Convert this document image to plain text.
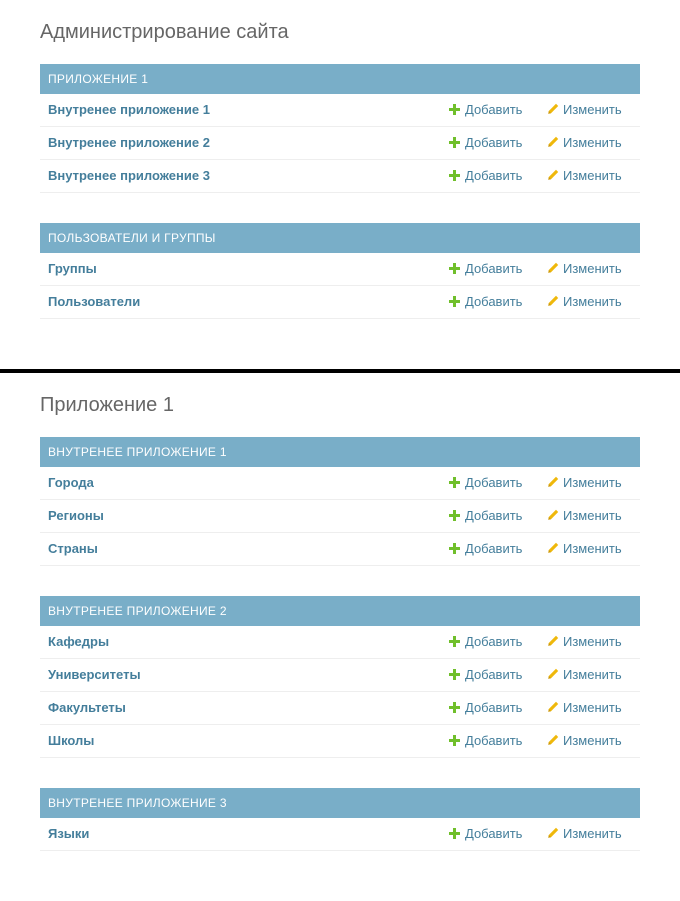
Администрирование сайта
ПРИЛОЖЕНИЕ 1
Внутренее приложение 1	Добавить	Изменить
Внутренее приложение 2	Добавить	Изменить
Внутренее приложение 3	Добавить	Изменить
ПОЛЬЗОВАТЕЛИ И ГРУППЫ
Группы	Добавить	Изменить
Пользователи	Добавить	Изменить
Приложение 1
ВНУТРЕНЕЕ ПРИЛОЖЕНИЕ 1
Города	Добавить	Изменить
Регионы	Добавить	Изменить
Страны	Добавить	Изменить
ВНУТРЕНЕЕ ПРИЛОЖЕНИЕ 2
Кафедры	Добавить	Изменить
Университеты	Добавить	Изменить
Факультеты	Добавить	Изменить
Школы	Добавить	Изменить
ВНУТРЕНЕЕ ПРИЛОЖЕНИЕ 3
Языки	Добавить	Изменить
